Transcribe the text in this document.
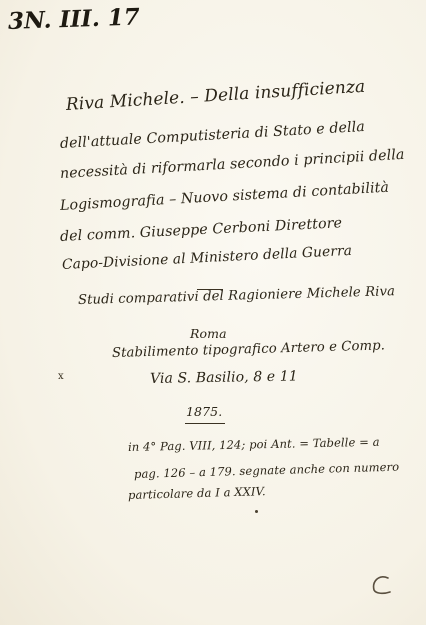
3N. III. 17
Riva Michele. – Della insufficienza
dell'attuale Computisteria di Stato e della
necessità di riformarla secondo i principii della
Logismografia – Nuovo sistema di contabilità
del comm. Giuseppe Cerboni Direttore
Capo-Divisione al Ministero della Guerra
Studi comparativi del Ragioniere Michele Riva
Roma
Stabilimento tipografico Artero e Comp.
Via S. Basilio, 8 e 11
1875.
in 4° Pag. VIII, 124; poi Ant. = Tabelle = a
pag. 126 – a 179. segnate anche con numero
particolare da I a XXIV.
x
